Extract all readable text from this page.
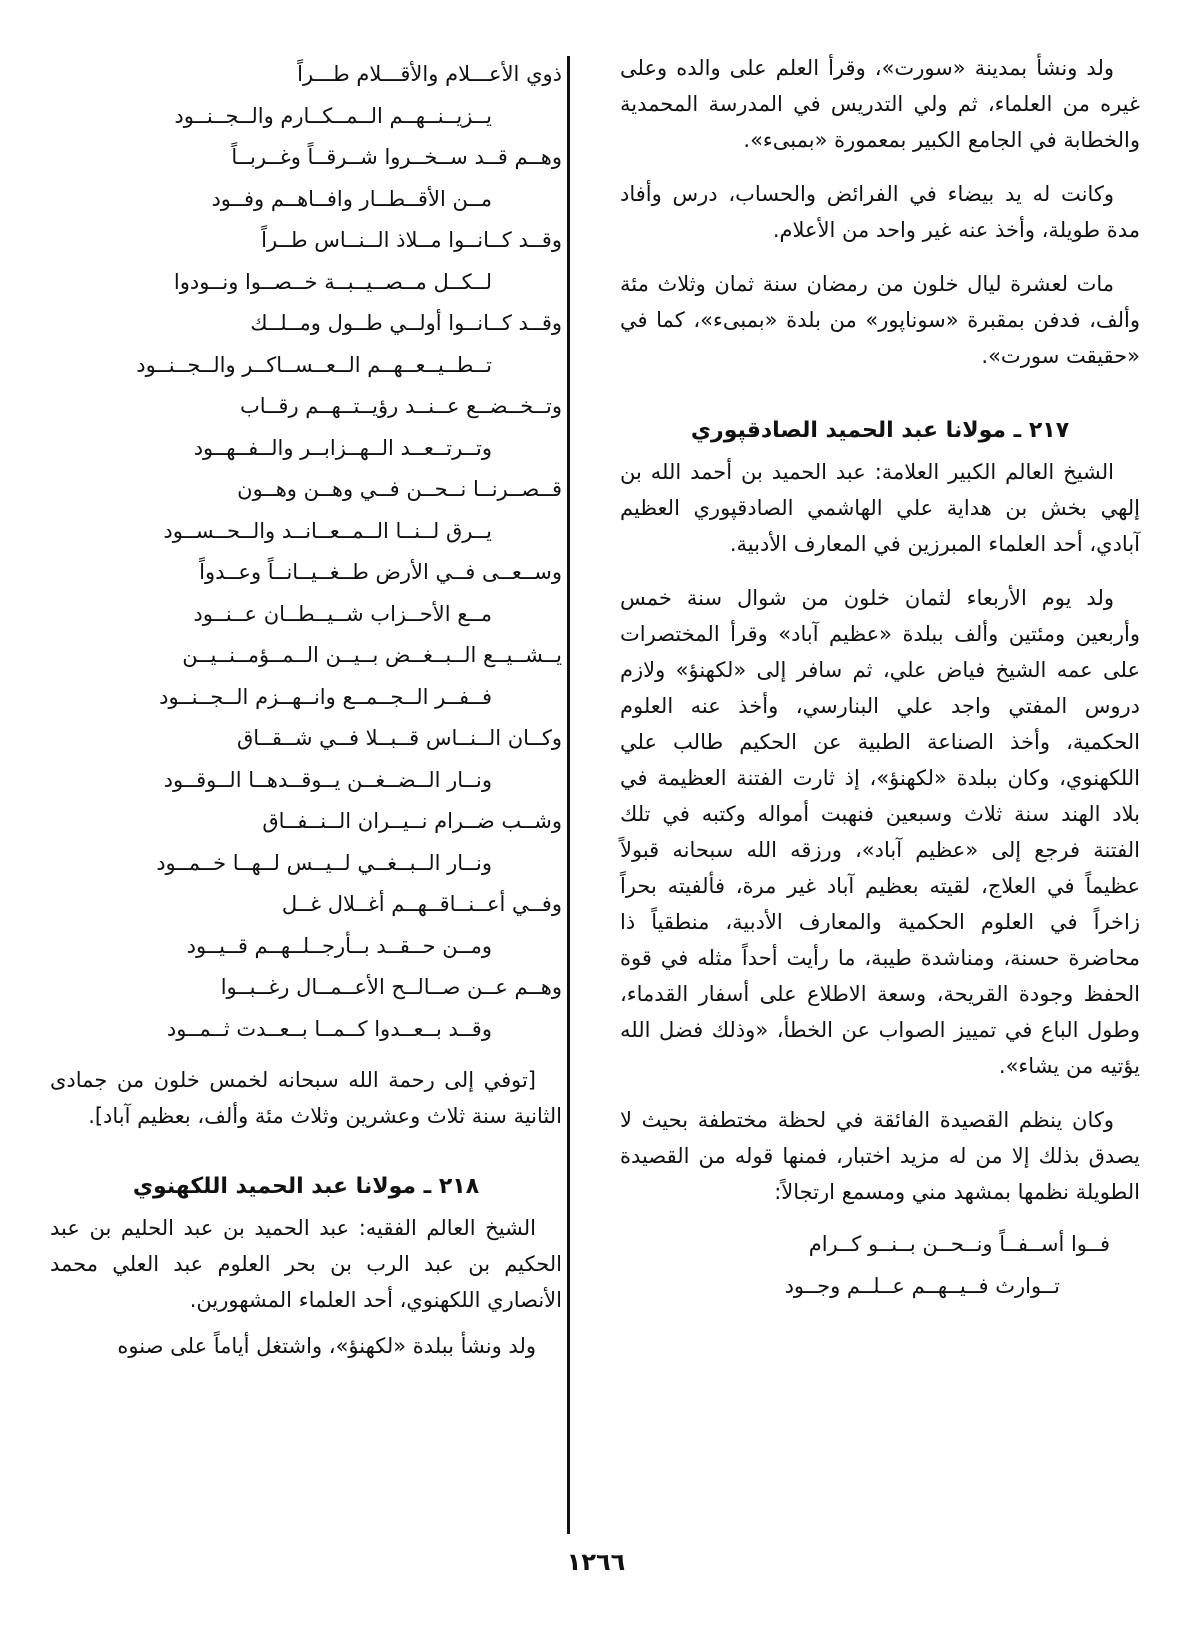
ولد ونشأ بمدينة «سورت»، وقرأ العلم على والده وعلى غيره من العلماء، ثم ولي التدريس في المدرسة المحمدية والخطابة في الجامع الكبير بمعمورة «بمبىء».

وكانت له يد بيضاء في الفرائض والحساب، درس وأفاد مدة طويلة، وأخذ عنه غير واحد من الأعلام.

مات لعشرة ليال خلون من رمضان سنة ثمان وثلاث مئة وألف، فدفن بمقبرة «سوناپور» من بلدة «بمبىء»، كما في «حقيقت سورت».

٢١٧ ـ مولانا عبد الحميد الصادقپوري

الشيخ العالم الكبير العلامة: عبد الحميد بن أحمد الله بن إلهي بخش بن هداية علي الهاشمي الصادقپوري العظيم آبادي، أحد العلماء المبرزين في المعارف الأدبية.

ولد يوم الأربعاء لثمان خلون من شوال سنة خمس وأربعين ومئتين وألف ببلدة «عظيم آباد» وقرأ المختصرات على عمه الشيخ فياض علي، ثم سافر إلى «لكهنؤ» ولازم دروس المفتي واجد علي البنارسي، وأخذ عنه العلوم الحكمية، وأخذ الصناعة الطبية عن الحكيم طالب علي اللكهنوي، وكان ببلدة «لكهنؤ»، إذ ثارت الفتنة العظيمة في بلاد الهند سنة ثلاث وسبعين فنهبت أمواله وكتبه في تلك الفتنة فرجع إلى «عظيم آباد»، ورزقه الله سبحانه قبولاً عظيماً في العلاج، لقيته بعظيم آباد غير مرة، فألفيته بحراً زاخراً في العلوم الحكمية والمعارف الأدبية، منطقياً ذا محاضرة حسنة، ومناشدة طيبة، ما رأيت أحداً مثله في قوة الحفظ وجودة القريحة، وسعة الاطلاع على أسفار القدماء، وطول الباع في تمييز الصواب عن الخطأ، «وذلك فضل الله يؤتيه من يشاء».

وكان ينظم القصيدة الفائقة في لحظة مختطفة بحيث لا يصدق بذلك إلا من له مزيد اختبار، فمنها قوله من القصيدة الطويلة نظمها بمشهد مني ومسمع ارتجالاً:

فــوا أســفــاً ونــحــن بــنــو كــرام
تــوارث فــيــهــم عــلــم وجــود
ذوي الأعـــلام والأقـــلام طـــراً
يــزيــنــهــم الــمــكــارم والــجــنــود
وهــم قــد ســخــروا شــرقــاً وغــربــاً
مــن الأقــطــار وافــاهــم وفــود
وقــد كــانــوا مــلاذ الــنــاس طــراً
لــكــل مــصــيــبــة خــصــوا ونــودوا
وقــد كــانــوا أولــي طــول ومــلــك
تــطــيــعــهــم الــعــســاكــر والــجــنــود
وتــخــضــع عــنــد رؤيــتــهــم رقــاب
وتــرتــعــد الــهــزابــر والــفــهــود
قــصــرنــا نــحــن فــي وهــن وهــون
يــرق لــنــا الــمــعــانــد والــحــســود
وســعــى فــي الأرض طــغــيــانــاً وعــدواً
مــع الأحــزاب شــيــطــان عــنــود
يــشــيــع الــبــغــض بــيــن الــمــؤمــنــيــن
فــفــر الــجــمــع وانــهــزم الــجــنــود
وكــان الــنــاس قــبــلا فــي شــقــاق
ونــار الــضــغــن يــوقــدهــا الــوقــود
وشــب ضــرام نــيــران الــنــفــاق
ونــار الــبــغــي لــيــس لــهــا خــمــود
وفــي أعــنــاقــهــم أغــلال غــل
ومــن حــقــد بــأرجــلــهــم قــيــود
وهــم عــن صــالــح الأعــمــال رغــبــوا
وقــد بــعــدوا كــمــا بــعــدت ثــمــود

[توفي إلى رحمة الله سبحانه لخمس خلون من جمادى الثانية سنة ثلاث وعشرين وثلاث مئة وألف، بعظيم آباد].

٢١٨ ـ مولانا عبد الحميد اللكهنوي

الشيخ العالم الفقيه: عبد الحميد بن عبد الحليم بن عبد الحكيم بن عبد الرب بن بحر العلوم عبد العلي محمد الأنصاري اللكهنوي، أحد العلماء المشهورين.

ولد ونشأ ببلدة «لكهنؤ»، واشتغل أياماً على صنوه

١٢٦٦
